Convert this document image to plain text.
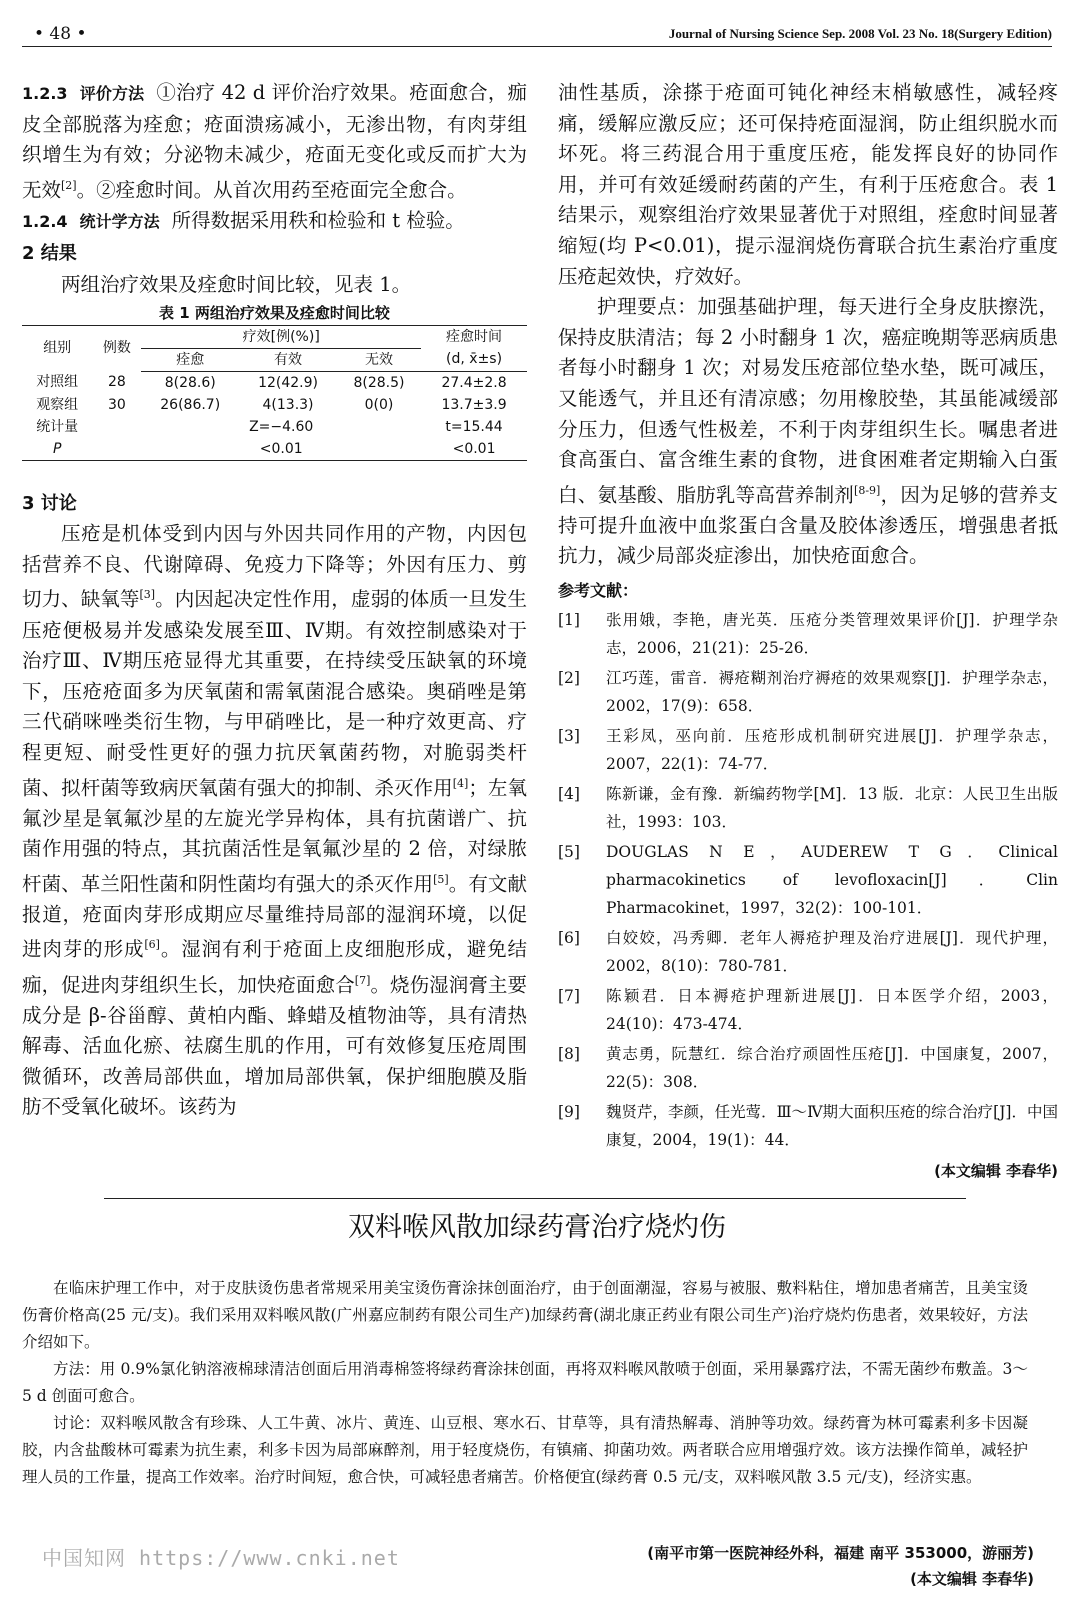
• 48 •	Journal of Nursing Science Sep. 2008 Vol. 23 No. 18(Surgery Edition)

1.2.3 评价方法 ①治疗 42 d 评价治疗效果。疮面愈合，痂皮全部脱落为痊愈；疮面溃疡减小，无渗出物，有肉芽组织增生为有效；分泌物未减少，疮面无变化或反而扩大为无效[2]。②痊愈时间。从首次用药至疮面完全愈合。

1.2.4 统计学方法 所得数据采用秩和检验和 t 检验。

2 结果

两组治疗效果及痊愈时间比较，见表 1。

表 1 两组治疗效果及痊愈时间比较
组别	例数	疗效[例(%)]			痊愈时间
		痊愈	有效	无效	(d, x̄±s)
对照组	28	8(28.6)	12(42.9)	8(28.5)	27.4±2.8
观察组	30	26(86.7)	4(13.3)	0(0)	13.7±3.9
统计量		Z=−4.60			t=15.44
P		<0.01			<0.01

3 讨论

压疮是机体受到内因与外因共同作用的产物，内因包括营养不良、代谢障碍、免疫力下降等；外因有压力、剪切力、缺氧等[3]。内因起决定性作用，虚弱的体质一旦发生压疮便极易并发感染发展至Ⅲ、Ⅳ期。有效控制感染对于治疗Ⅲ、Ⅳ期压疮显得尤其重要，在持续受压缺氧的环境下，压疮疮面多为厌氧菌和需氧菌混合感染。奥硝唑是第三代硝咪唑类衍生物，与甲硝唑比，是一种疗效更高、疗程更短、耐受性更好的强力抗厌氧菌药物，对脆弱类杆菌、拟杆菌等致病厌氧菌有强大的抑制、杀灭作用[4]；左氧氟沙星是氧氟沙星的左旋光学异构体，具有抗菌谱广、抗菌作用强的特点，其抗菌活性是氧氟沙星的 2 倍，对绿脓杆菌、革兰阳性菌和阴性菌均有强大的杀灭作用[5]。有文献报道，疮面肉芽形成期应尽量维持局部的湿润环境，以促进肉芽的形成[6]。湿润有利于疮面上皮细胞形成，避免结痂，促进肉芽组织生长，加快疮面愈合[7]。烧伤湿润膏主要成分是 β-谷甾醇、黄柏内酯、蜂蜡及植物油等，具有清热解毒、活血化瘀、祛腐生肌的作用，可有效修复压疮周围微循环，改善局部供血，增加局部供氧，保护细胞膜及脂肪不受氧化破坏。该药为

油性基质，涂搽于疮面可钝化神经末梢敏感性，减轻疼痛，缓解应激反应；还可保持疮面湿润，防止组织脱水而坏死。将三药混合用于重度压疮，能发挥良好的协同作用，并可有效延缓耐药菌的产生，有利于压疮愈合。表 1 结果示，观察组治疗效果显著优于对照组，痊愈时间显著缩短(均 P<0.01)，提示湿润烧伤膏联合抗生素治疗重度压疮起效快，疗效好。

护理要点：加强基础护理，每天进行全身皮肤擦洗，保持皮肤清洁；每 2 小时翻身 1 次，癌症晚期等恶病质患者每小时翻身 1 次；对易发压疮部位垫水垫，既可减压，又能透气，并且还有清凉感；勿用橡胶垫，其虽能减缓部分压力，但透气性极差，不利于肉芽组织生长。嘱患者进食高蛋白、富含维生素的食物，进食困难者定期输入白蛋白、氨基酸、脂肪乳等高营养制剂[8-9]，因为足够的营养支持可提升血液中血浆蛋白含量及胶体渗透压，增强患者抵抗力，减少局部炎症渗出，加快疮面愈合。

参考文献：
[1]	张用娥，李艳，唐光英．压疮分类管理效果评价[J]．护理学杂志，2006，21(21)：25-26．
[2]	江巧莲，雷音．褥疮糊剂治疗褥疮的效果观察[J]．护理学杂志，2002，17(9)：658．
[3]	王彩凤，巫向前．压疮形成机制研究进展[J]．护理学杂志，2007，22(1)：74-77．
[4]	陈新谦，金有豫．新编药物学[M]．13 版．北京：人民卫生出版社，1993：103．
[5]	DOUGLAS N E，AUDEREW T G．Clinical pharmacokinetics of levofloxacin[J]．Clin Pharmacokinet，1997，32(2)：100-101．
[6]	白姣姣，冯秀卿．老年人褥疮护理及治疗进展[J]．现代护理，2002，8(10)：780-781．
[7]	陈颖君．日本褥疮护理新进展[J]．日本医学介绍，2003，24(10)：473-474．
[8]	黄志勇，阮慧红．综合治疗顽固性压疮[J]．中国康复，2007，22(5)：308．
[9]	魏贤芹，李颜，任光莺．Ⅲ～Ⅳ期大面积压疮的综合治疗[J]．中国康复，2004，19(1)：44．
(本文编辑 李春华)
双料喉风散加绿药膏治疗烧灼伤

在临床护理工作中，对于皮肤烫伤患者常规采用美宝烫伤膏涂抹创面治疗，由于创面潮湿，容易与被服、敷料粘住，增加患者痛苦，且美宝烫伤膏价格高(25 元/支)。我们采用双料喉风散(广州嘉应制药有限公司生产)加绿药膏(湖北康正药业有限公司生产)治疗烧灼伤患者，效果较好，方法介绍如下。

方法：用 0.9%氯化钠溶液棉球清洁创面后用消毒棉签将绿药膏涂抹创面，再将双料喉风散喷于创面，采用暴露疗法，不需无菌纱布敷盖。3～5 d 创面可愈合。

讨论：双料喉风散含有珍珠、人工牛黄、冰片、黄连、山豆根、寒水石、甘草等，具有清热解毒、消肿等功效。绿药膏为林可霉素利多卡因凝胶，内含盐酸林可霉素为抗生素，利多卡因为局部麻醉剂，用于轻度烧伤，有镇痛、抑菌功效。两者联合应用增强疗效。该方法操作简单，减轻护理人员的工作量，提高工作效率。治疗时间短，愈合快，可减轻患者痛苦。价格便宜(绿药膏 0.5 元/支，双料喉风散 3.5 元/支)，经济实惠。

中国知网 https://www.cnki.net	(南平市第一医院神经外科，福建 南平 353000，游丽芳)
(本文编辑 李春华)
